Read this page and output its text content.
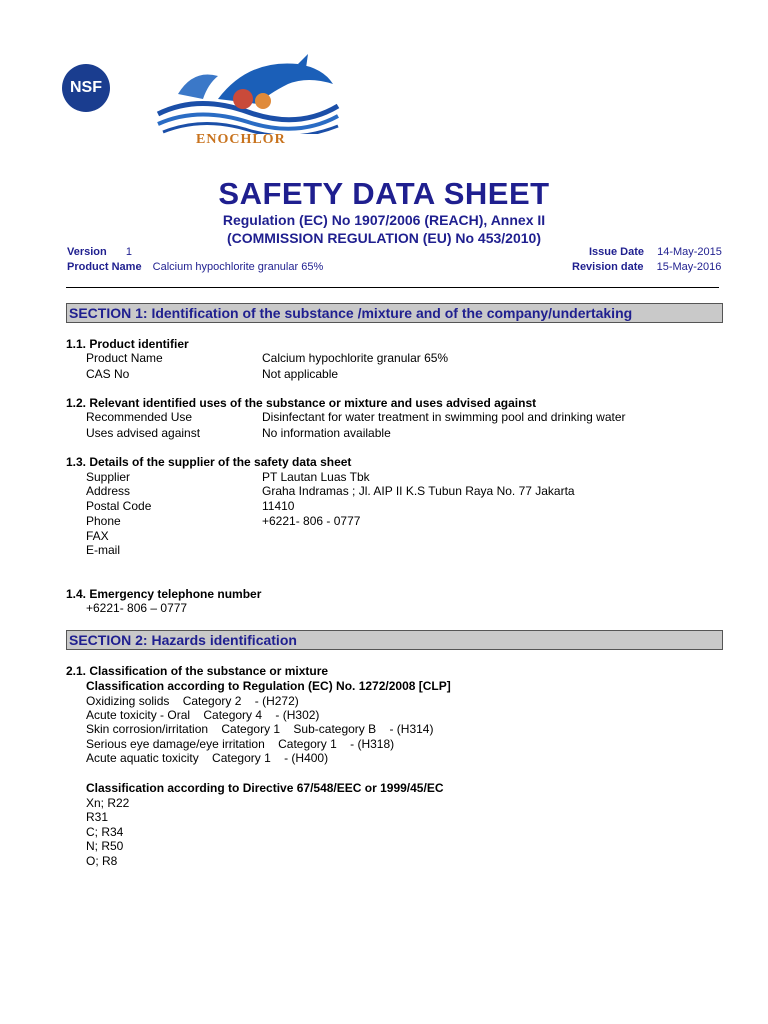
NSF
ENOCHLOR
SAFETY DATA SHEET
Regulation (EC) No 1907/2006 (REACH), Annex II
(COMMISSION REGULATION (EU) No 453/2010)
Version 1
Product Name Calcium hypochlorite granular 65%
Issue Date 14-May-2015
Revision date 15-May-2016
SECTION 1: Identification of the substance /mixture and of the company/undertaking
1.1. Product identifier
Product Name	Calcium hypochlorite granular 65%
CAS No	Not applicable
1.2. Relevant identified uses of the substance or mixture and uses advised against
Recommended Use	Disinfectant for water treatment in swimming pool and drinking water
Uses advised against	No information available
1.3. Details of the supplier of the safety data sheet
Supplier	PT Lautan Luas Tbk
Address	Graha Indramas ; Jl. AIP II K.S Tubun Raya No. 77 Jakarta
Postal Code	11410
Phone	+6221- 806 - 0777
FAX
E-mail
1.4. Emergency telephone number
+6221- 806 – 0777
SECTION 2: Hazards identification
2.1. Classification of the substance or mixture
Classification according to Regulation (EC) No. 1272/2008 [CLP]
Oxidizing solids    Category 2    - (H272)
Acute toxicity - Oral    Category 4    - (H302)
Skin corrosion/irritation    Category 1    Sub-category B    - (H314)
Serious eye damage/eye irritation    Category 1    - (H318)
Acute aquatic toxicity    Category 1    - (H400)
Classification according to Directive 67/548/EEC or 1999/45/EC
Xn; R22
R31
C; R34
N; R50
O; R8
